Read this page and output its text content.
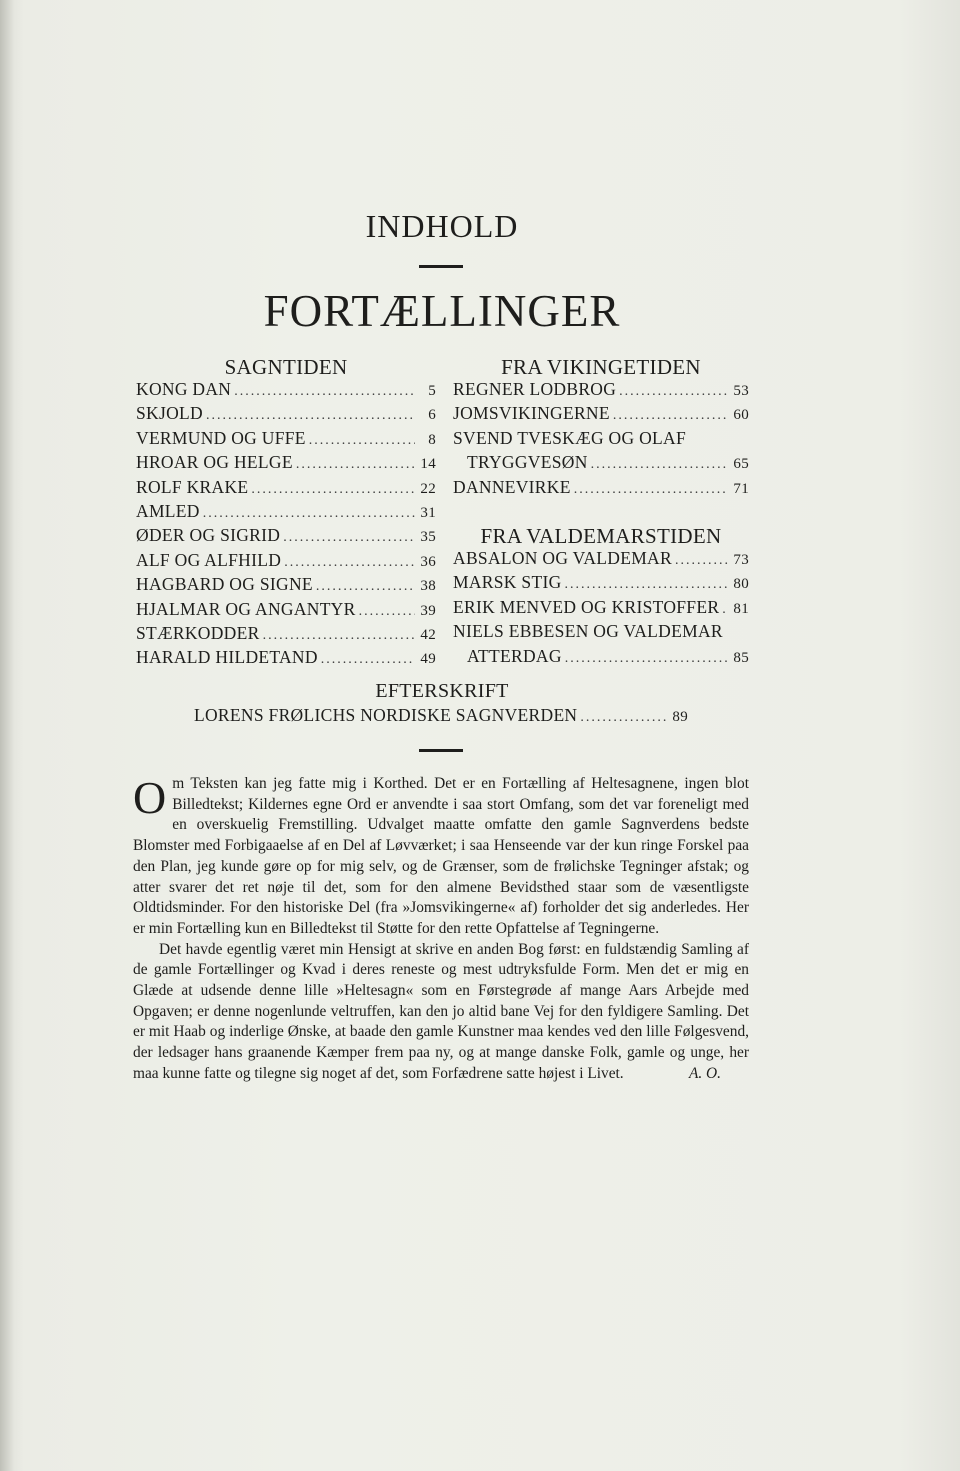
INDHOLD
FORTÆLLINGER
SAGNTIDEN
KONG DAN .....	5
SKJOLD .....	6
VERMUND OG UFFE .....	8
HROAR OG HELGE .....	14
ROLF KRAKE .....	22
AMLED .....	31
ØDER OG SIGRID .....	35
ALF OG ALFHILD .....	36
HAGBARD OG SIGNE .....	38
HJALMAR OG ANGANTYR .....	39
STÆRKODDER .....	42
HARALD HILDETAND .....	49
FRA VIKINGETIDEN
REGNER LODBROG .....	53
JOMSVIKINGERNE .....	60
SVEND TVESKÆG OG OLAF
TRYGGVESØN .....	65
DANNEVIRKE .....	71
FRA VALDEMARSTIDEN
ABSALON OG VALDEMAR .....	73
MARSK STIG .....	80
ERIK MENVED OG KRISTOFFER ..... 81
NIELS EBBESEN OG VALDEMAR
ATTERDAG .....	85
EFTERSKRIFT
LORENS FRØLICHS NORDISKE SAGNVERDEN .....	89

Om Teksten kan jeg fatte mig i Korthed. Det er en Fortælling af Heltesagnene, ingen blot Billedtekst; Kildernes egne Ord er anvendte i saa stort Omfang, som det var foreneligt med en overskuelig Fremstilling. Udvalget maatte omfatte den gamle Sagnverdens bedste Blomster med Forbigaaelse af en Del af Løvværket; i saa Henseende var der kun ringe Forskel paa den Plan, jeg kunde gøre op for mig selv, og de Grænser, som de frølichske Tegninger afstak; og atter svarer det ret nøje til det, som for den almene Bevidsthed staar som de væsentligste Oldtidsminder. For den historiske Del (fra »Jomsvikingerne« af) forholder det sig anderledes. Her er min Fortælling kun en Billedtekst til Støtte for den rette Opfattelse af Tegningerne.

Det havde egentlig været min Hensigt at skrive en anden Bog først: en fuldstændig Samling af de gamle Fortællinger og Kvad i deres reneste og mest udtryksfulde Form. Men det er mig en Glæde at udsende denne lille »Heltesagn« som en Førstegrøde af mange Aars Arbejde med Opgaven; er denne nogenlunde veltruffen, kan den jo altid bane Vej for den fyldigere Samling. Det er mit Haab og inderlige Ønske, at baade den gamle Kunstner maa kendes ved den lille Følgesvend, der ledsager hans graanende Kæmper frem paa ny, og at mange danske Folk, gamle og unge, her maa kunne fatte og tilegne sig noget af det, som Forfædrene satte højest i Livet.	A. O.
